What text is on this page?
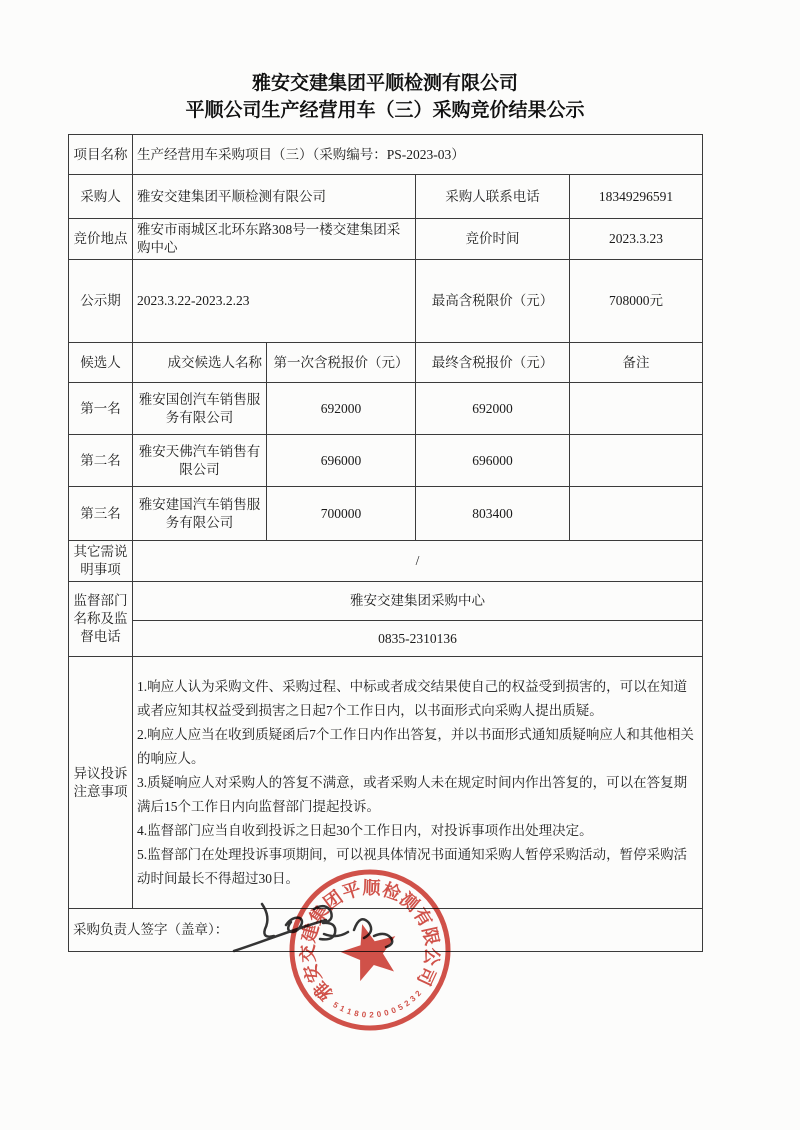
雅安交建集团平顺检测有限公司
平顺公司生产经营用车（三）采购竞价结果公示
项目名称	生产经营用车采购项目（三）（采购编号：PS-2023-03）			
采购人	雅安交建集团平顺检测有限公司		采购人联系电话	18349296591
竞价地点	雅安市雨城区北环东路308号一楼交建集团采购中心		竞价时间	2023.3.23
公示期	2023.3.22-2023.2.23		最高含税限价（元）	708000元
候选人	成交候选人名称	第一次含税报价（元）	最终含税报价（元）	备注
第一名	雅安国创汽车销售服务有限公司	692000	692000	
第二名	雅安天佛汽车销售有限公司	696000	696000	
第三名	雅安建国汽车销售服务有限公司	700000	803400	
其它需说明事项	/			
监督部门名称及监督电话	雅安交建集团采购中心			
	0835-2310136			
异议投诉注意事项	1.响应人认为采购文件、采购过程、中标或者成交结果使自己的权益受到损害的，可以在知道或者应知其权益受到损害之日起7个工作日内，以书面形式向采购人提出质疑。
2.响应人应当在收到质疑函后7个工作日内作出答复，并以书面形式通知质疑响应人和其他相关的响应人。
3.质疑响应人对采购人的答复不满意，或者采购人未在规定时间内作出答复的，可以在答复期满后15个工作日内向监督部门提起投诉。
4.监督部门应当自收到投诉之日起30个工作日内，对投诉事项作出处理决定。
5.监督部门在处理投诉事项期间，可以视具体情况书面通知采购人暂停采购活动，暂停采购活动时间最长不得超过30日。			

采购负责人签字（盖章）：				
雅
安
交
建
集
团
平 顺
检
测
有
限
公
司
5
1 1 8 0 2 0 0 0 5
2
3
2
